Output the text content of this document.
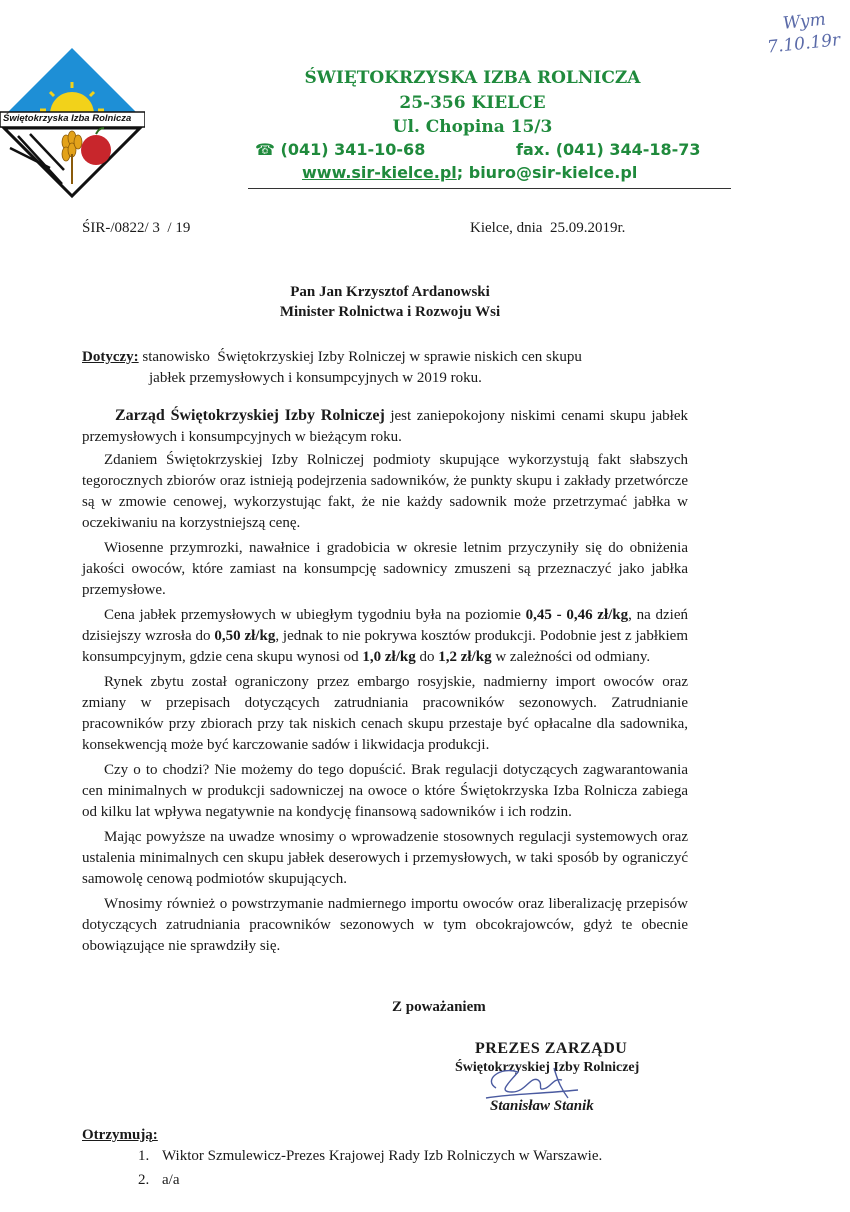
Świętokrzyska Izba Rolnicza
ŚWIĘTOKRZYSKA IZBA ROLNICZA
25-356 KIELCE
Ul. Chopina 15/3
☎ (041) 341-10-68	fax. (041) 344-18-73
www.sir-kielce.pl; biuro@sir-kielce.pl
Wym
7.10.19r
ŚIR-/0822/ 3  / 19	Kielce, dnia  25.09.2019r.
Pan Jan Krzysztof Ardanowski
Minister Rolnictwa i Rozwoju Wsi
Dotyczy: stanowisko  Świętokrzyskiej Izby Rolniczej w sprawie niskich cen skupu
jabłek przemysłowych i konsumpcyjnych w 2019 roku.

Zarząd Świętokrzyskiej Izby Rolniczej jest zaniepokojony niskimi cenami skupu jabłek przemysłowych i konsumpcyjnych w bieżącym roku.

Zdaniem Świętokrzyskiej Izby Rolniczej podmioty skupujące wykorzystują fakt słabszych tegorocznych zbiorów oraz istnieją podejrzenia sadowników, że punkty skupu i zakłady przetwórcze są w zmowie cenowej, wykorzystując fakt, że nie każdy sadownik może przetrzymać jabłka w oczekiwaniu na korzystniejszą cenę.

Wiosenne przymrozki, nawałnice i gradobicia w okresie letnim przyczyniły się do obniżenia jakości owoców, które zamiast na konsumpcję sadownicy zmuszeni są przeznaczyć jako jabłka przemysłowe.

Cena jabłek przemysłowych w ubiegłym tygodniu była na poziomie 0,45 - 0,46 zł/kg, na dzień dzisiejszy wzrosła do 0,50 zł/kg, jednak to nie pokrywa kosztów produkcji. Podobnie jest z jabłkiem konsumpcyjnym, gdzie cena skupu wynosi od 1,0 zł/kg do 1,2 zł/kg w zależności od odmiany.

Rynek zbytu został ograniczony przez embargo rosyjskie, nadmierny import owoców oraz zmiany w przepisach dotyczących zatrudniania pracowników sezonowych. Zatrudnianie pracowników przy zbiorach przy tak niskich cenach skupu przestaje być opłacalne dla sadownika, konsekwencją może być karczowanie sadów i likwidacja produkcji.

Czy o to chodzi? Nie możemy do tego dopuścić. Brak regulacji dotyczących zagwarantowania cen minimalnych w produkcji sadowniczej na owoce o które Świętokrzyska Izba Rolnicza zabiega od kilku lat wpływa negatywnie na kondycję finansową sadowników i ich rodzin.

Mając powyższe na uwadze wnosimy o wprowadzenie stosownych regulacji systemowych oraz ustalenia minimalnych cen skupu jabłek deserowych i przemysłowych, w taki sposób by ograniczyć samowolę cenową podmiotów skupujących.

Wnosimy również o powstrzymanie nadmiernego importu owoców oraz liberalizację przepisów dotyczących zatrudniania pracowników sezonowych w tym obcokrajowców, gdyż te obecnie obowiązujące nie sprawdziły się.

Z poważaniem
PREZES ZARZĄDU
Świętokrzyskiej Izby Rolniczej
Stanisław Stanik
Otrzymują:
1. Wiktor Szmulewicz-Prezes Krajowej Rady Izb Rolniczych w Warszawie.
2. a/a
